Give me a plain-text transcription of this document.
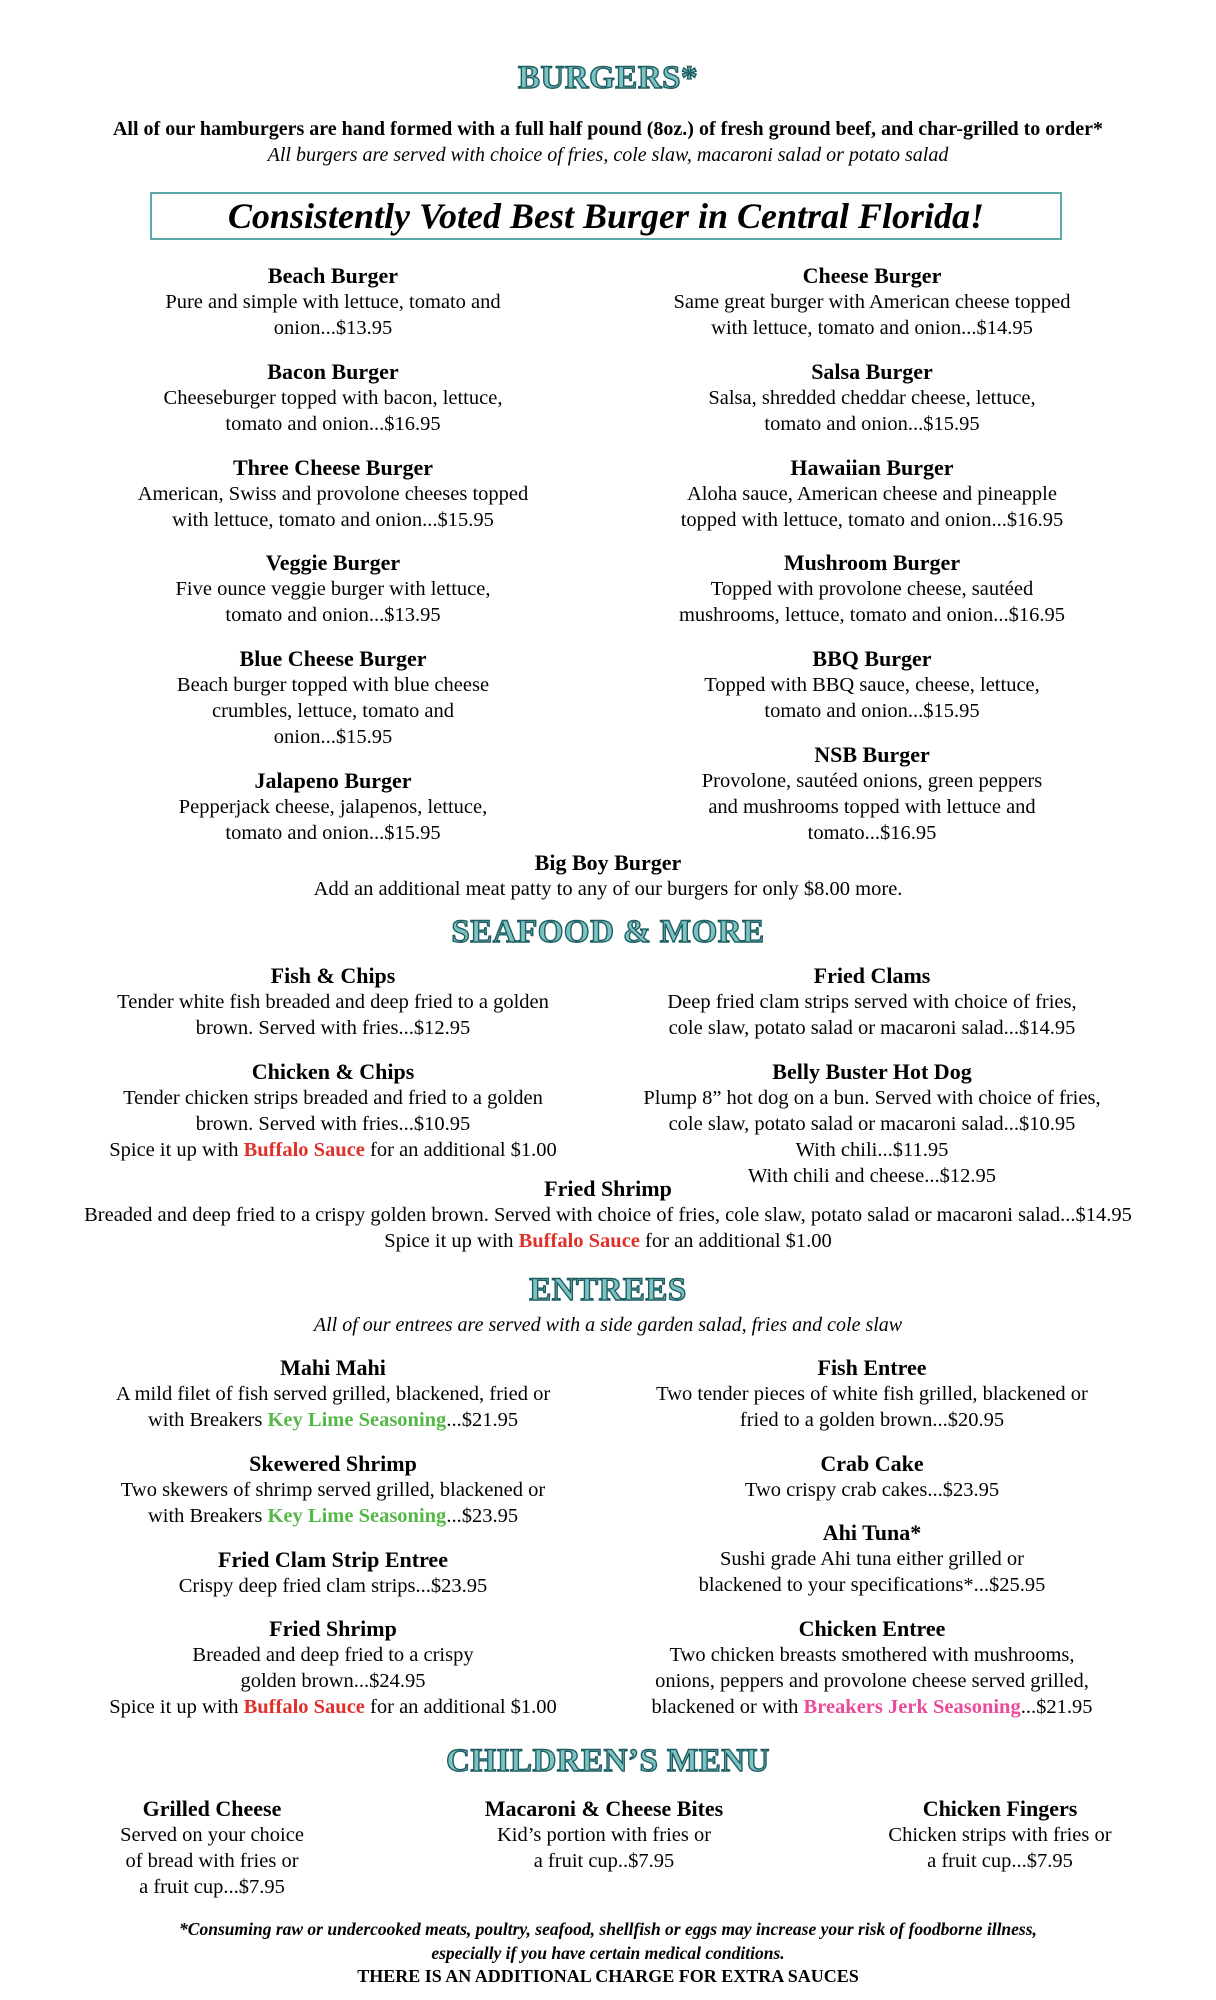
BURGERS*
All of our hamburgers are hand formed with a full half pound (8oz.) of fresh ground beef, and char-grilled to order*
All burgers are served with choice of fries, cole slaw, macaroni salad or potato salad
Consistently Voted Best Burger in Central Florida!
Beach Burger
Pure and simple with lettuce, tomato and
onion...$13.95
Cheese Burger
Same great burger with American cheese topped
with lettuce, tomato and onion...$14.95
Bacon Burger
Cheeseburger topped with bacon, lettuce,
tomato and onion...$16.95
Salsa Burger
Salsa, shredded cheddar cheese, lettuce,
tomato and onion...$15.95
Three Cheese Burger
American, Swiss and provolone cheeses topped
with lettuce, tomato and onion...$15.95
Hawaiian Burger
Aloha sauce, American cheese and pineapple
topped with lettuce, tomato and onion...$16.95
Veggie Burger
Five ounce veggie burger with lettuce,
tomato and onion...$13.95
Mushroom Burger
Topped with provolone cheese, sautéed
mushrooms, lettuce, tomato and onion...$16.95
Blue Cheese Burger
Beach burger topped with blue cheese
crumbles, lettuce, tomato and
onion...$15.95
BBQ Burger
Topped with BBQ sauce, cheese, lettuce,
tomato and onion...$15.95
Jalapeno Burger
Pepperjack cheese, jalapenos, lettuce,
tomato and onion...$15.95
NSB Burger
Provolone, sautéed onions, green peppers
and mushrooms topped with lettuce and
tomato...$16.95
Big Boy Burger
Add an additional meat patty to any of our burgers for only $8.00 more.
SEAFOOD & MORE
Fish & Chips
Tender white fish breaded and deep fried to a golden
brown. Served with fries...$12.95
Fried Clams
Deep fried clam strips served with choice of fries,
cole slaw, potato salad or macaroni salad...$14.95
Chicken & Chips
Tender chicken strips breaded and fried to a golden
brown. Served with fries...$10.95
Spice it up with Buffalo Sauce for an additional $1.00
Belly Buster Hot Dog
Plump 8” hot dog on a bun. Served with choice of fries,
cole slaw, potato salad or macaroni salad...$10.95
With chili...$11.95
With chili and cheese...$12.95
Fried Shrimp
Breaded and deep fried to a crispy golden brown. Served with choice of fries, cole slaw, potato salad or macaroni salad...$14.95
Spice it up with Buffalo Sauce for an additional $1.00
ENTREES
All of our entrees are served with a side garden salad, fries and cole slaw
Mahi Mahi
A mild filet of fish served grilled, blackened, fried or
with Breakers Key Lime Seasoning...$21.95
Fish Entree
Two tender pieces of white fish grilled, blackened or
fried to a golden brown...$20.95
Skewered Shrimp
Two skewers of shrimp served grilled, blackened or
with Breakers Key Lime Seasoning...$23.95
Crab Cake
Two crispy crab cakes...$23.95
Ahi Tuna*
Sushi grade Ahi tuna either grilled or
blackened to your specifications*...$25.95
Fried Clam Strip Entree
Crispy deep fried clam strips...$23.95
Fried Shrimp
Breaded and deep fried to a crispy
golden brown...$24.95
Spice it up with Buffalo Sauce for an additional $1.00
Chicken Entree
Two chicken breasts smothered with mushrooms,
onions, peppers and provolone cheese served grilled,
blackened or with Breakers Jerk Seasoning...$21.95
CHILDREN’S MENU
Grilled Cheese
Served on your choice
of bread with fries or
a fruit cup...$7.95
Macaroni & Cheese Bites
Kid’s portion with fries or
a fruit cup..$7.95
Chicken Fingers
Chicken strips with fries or
a fruit cup...$7.95
*Consuming raw or undercooked meats, poultry, seafood, shellfish or eggs may increase your risk of foodborne illness,
especially if you have certain medical conditions.
THERE IS AN ADDITIONAL CHARGE FOR EXTRA SAUCES
